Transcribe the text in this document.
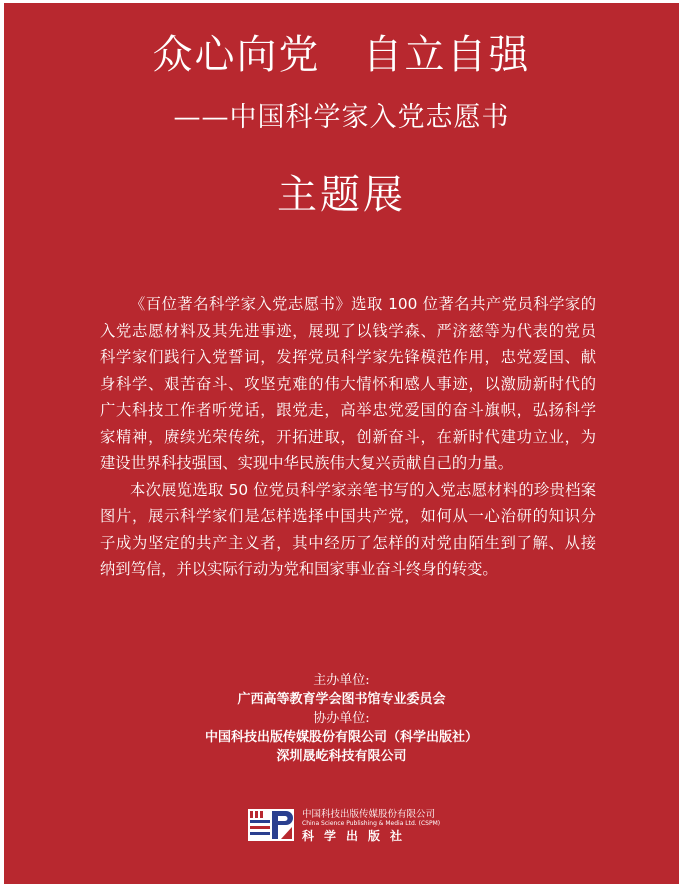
众心向党　自立自强
——中国科学家入党志愿书
主题展
《百位著名科学家入党志愿书》选取 100 位著名共产党员科学家的
入党志愿材料及其先进事迹，展现了以钱学森、严济慈等为代表的党员
科学家们践行入党誓词，发挥党员科学家先锋模范作用，忠党爱国、献
身科学、艰苦奋斗、攻坚克难的伟大情怀和感人事迹，以激励新时代的
广大科技工作者听党话，跟党走，高举忠党爱国的奋斗旗帜，弘扬科学
家精神，赓续光荣传统，开拓进取，创新奋斗，在新时代建功立业，为
建设世界科技强国、实现中华民族伟大复兴贡献自己的力量。
本次展览选取 50 位党员科学家亲笔书写的入党志愿材料的珍贵档案
图片，展示科学家们是怎样选择中国共产党，如何从一心治研的知识分
子成为坚定的共产主义者，其中经历了怎样的对党由陌生到了解、从接
纳到笃信，并以实际行动为党和国家事业奋斗终身的转变。
主办单位:
广西高等教育学会图书馆专业委员会
协办单位:
中国科技出版传媒股份有限公司（科学出版社）
深圳晟屹科技有限公司
中国科技出版传媒股份有限公司
China Science Publishing & Media Ltd. (CSPM)
科学出版社
